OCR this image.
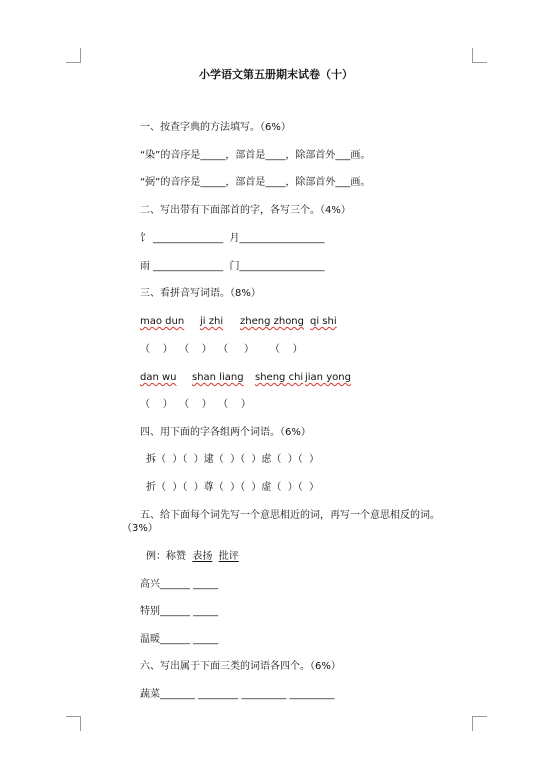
小学语文第五册期末试卷（十）
一、按查字典的方法填写。（6%）
“染”的音序是_____，部首是____，除部首外___画。
“弼”的音序是_____，部首是____，除部首外___画。
二、写出带有下面部首的字，各写三个。（4%）
饣 ______________  月_________________
雨 ______________  门_________________
三、看拼音写词语。（8%）
mao dun ji zhi zheng zhong qi shi
（    ）  （    ）  （     ）     （    ）
dan wu shan liang sheng chi jian yong
（    ）  （    ）  （    ）
四、用下面的字各组两个词语。（6%）
拆（  ）（  ）逮（  ）（  ）虑（  ）（  ）
折（  ）（  ）尊（  ）（  ）虚（  ）（  ）
五、给下面每个词先写一个意思相近的词，再写一个意思相反的词。
（3%）
例：称赞 表扬 批评
高兴______ _____
特别______ _____
温暖______ _____
六、写出属于下面三类的词语各四个。（6%）
蔬菜_______ ________ _________ _________
